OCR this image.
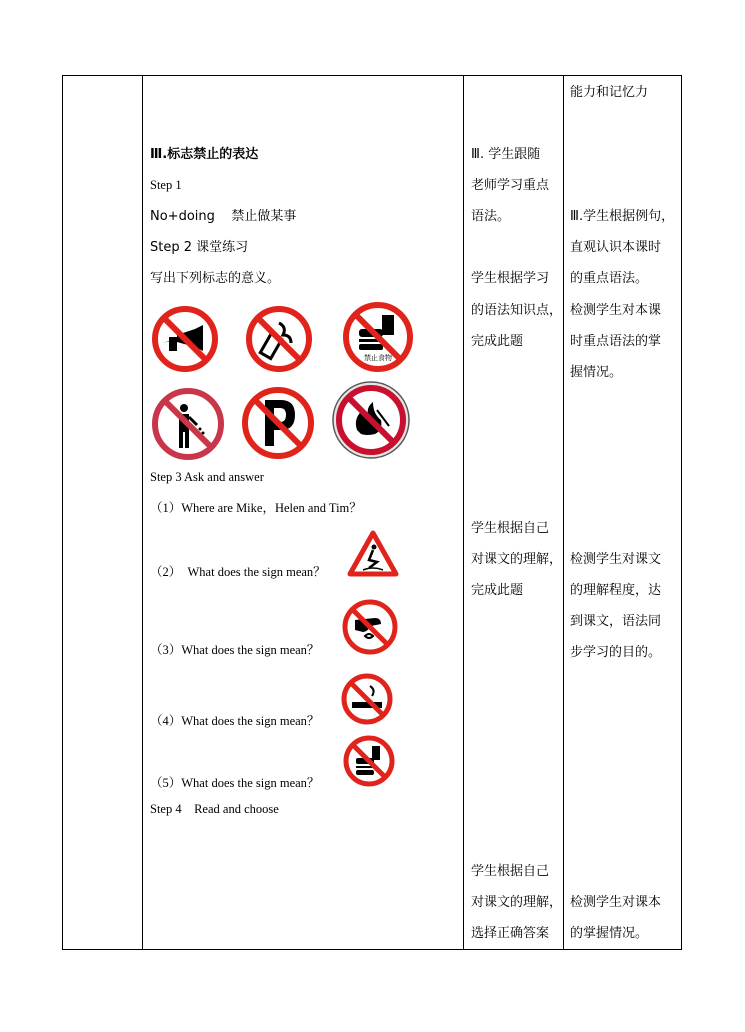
能力和记忆力
Ⅲ.标志禁止的表达
Step 1
No+doing    禁止做某事
Step 2 课堂练习
写出下列标志的意义。
禁止食物
Step 3 Ask and answer
（1）Where are Mike，Helen and Tim？
（2）  What does the sign mean？
（3）What does the sign mean？
（4）What does the sign mean？
（5）What does the sign mean？
Step 4    Read and choose
Ⅲ. 学生跟随
老师学习重点
语法。
学生根据学习
的语法知识点，
完成此题
学生根据自己
对课文的理解，
完成此题
学生根据自己
对课文的理解，
选择正确答案
Ⅲ.学生根据例句，
直观认识本课时
的重点语法。
检测学生对本课
时重点语法的掌
握情况。
检测学生对课文
的理解程度，达
到课文，语法同
步学习的目的。
检测学生对课本
的掌握情况。
